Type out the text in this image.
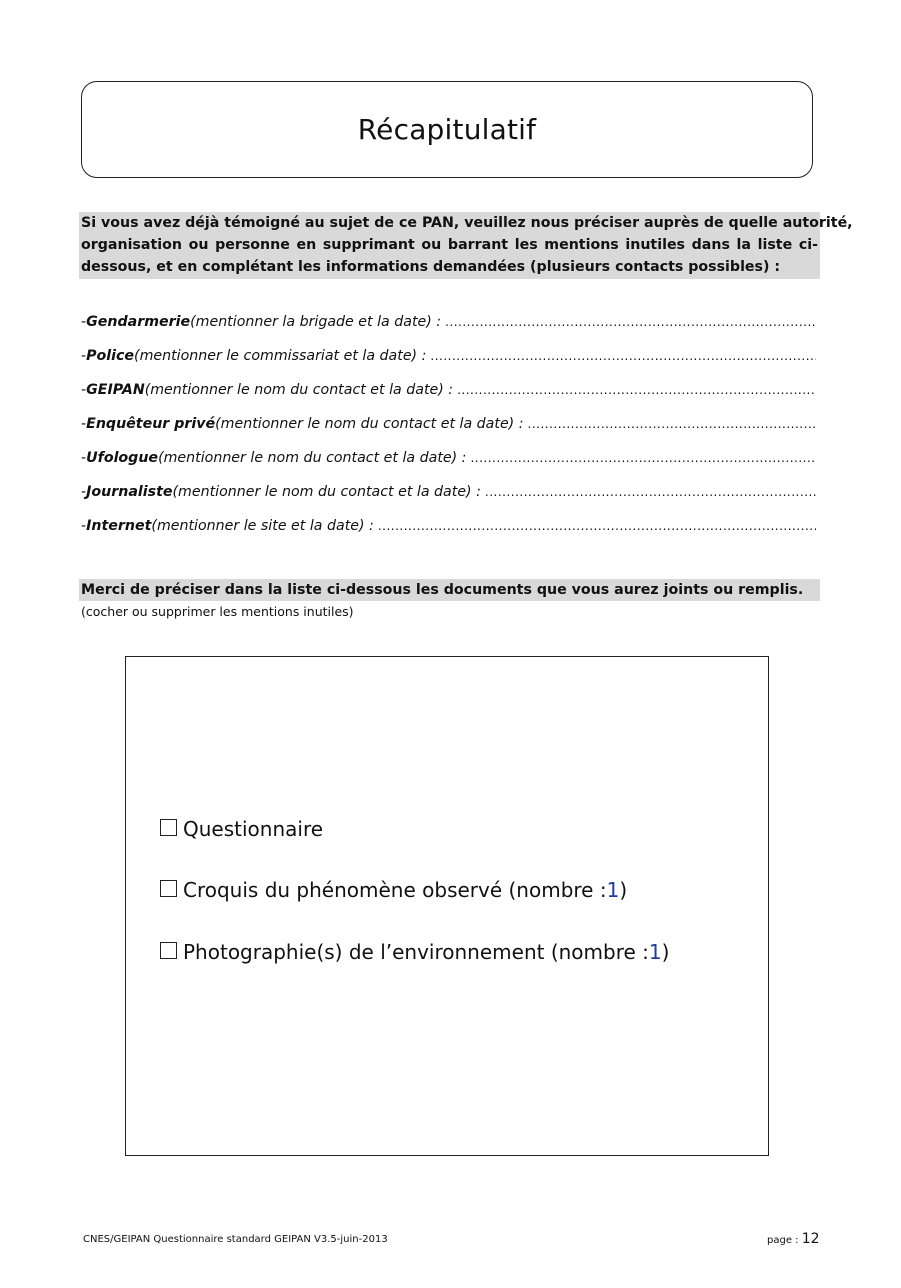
Récapitulatif
Si vous avez déjà témoigné au sujet de ce PAN, veuillez nous préciser auprès de quelle autorité,
organisation ou personne en supprimant ou barrant les mentions inutiles dans la liste ci-
dessous, et en complétant les informations demandées (plusieurs contacts possibles) :
- Gendarmerie (mentionner la brigade et la date) :
.....
- Police (mentionner le commissariat et la date) :
.....
- GEIPAN (mentionner le nom du contact et la date) :
.....
- Enquêteur privé (mentionner le nom du contact et la date) :
.....
- Ufologue (mentionner le nom du contact et la date) :
.....
- Journaliste (mentionner le nom du contact et la date) :
.....
- Internet (mentionner le site et la date) :
.....
Merci de préciser dans la liste ci-dessous les documents que vous aurez joints ou remplis.
(cocher ou supprimer les mentions inutiles)
Questionnaire
Croquis du phénomène observé (nombre : 1 )
Photographie(s) de l’environnement (nombre : 1 )
CNES/GEIPAN Questionnaire standard GEIPAN V3.5-juin-2013	page : 12
